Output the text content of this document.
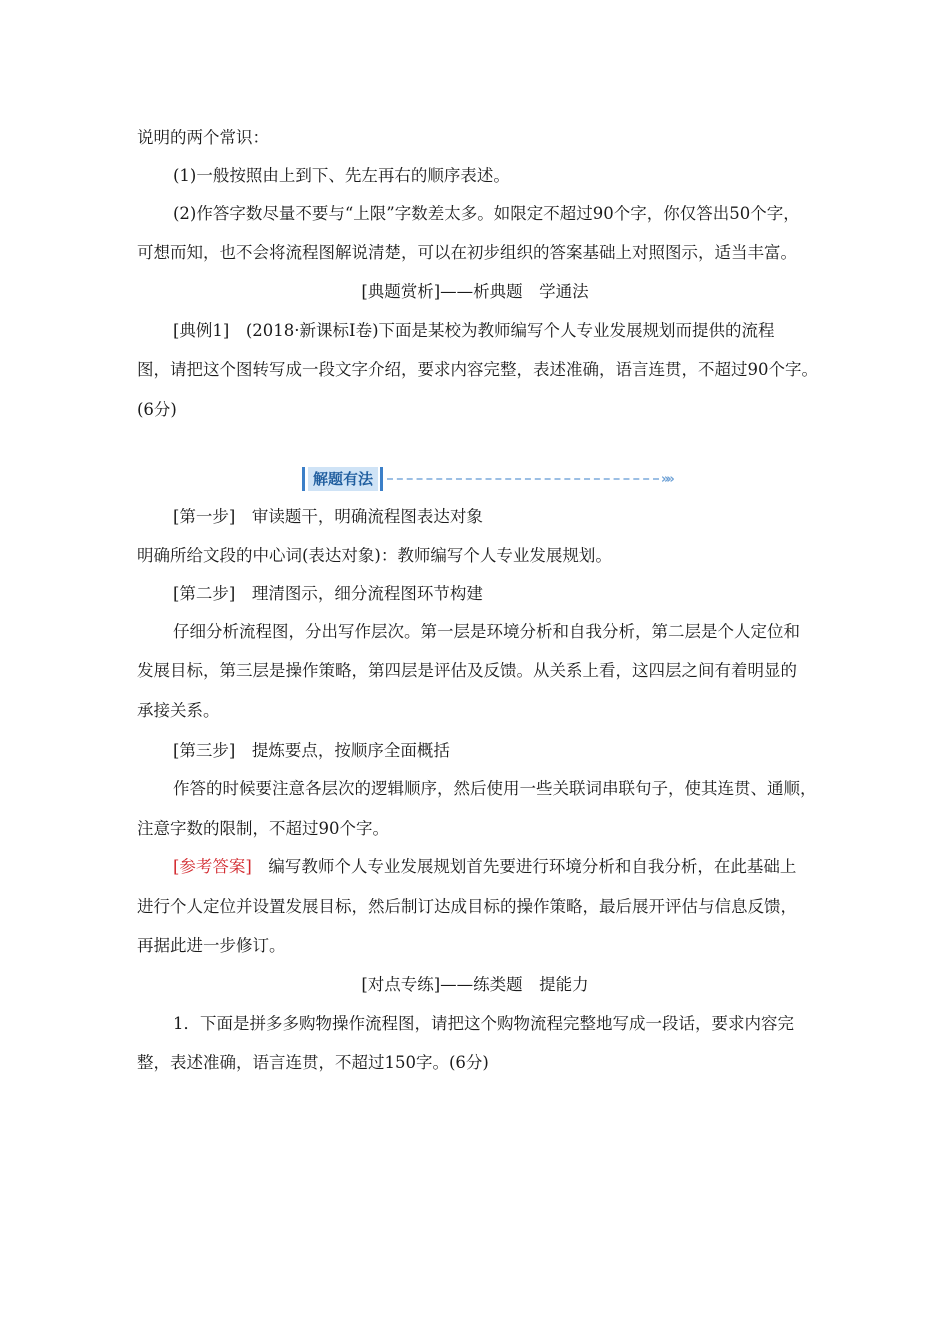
说明的两个常识：
(1)一般按照由上到下、先左再右的顺序表述。
(2)作答字数尽量不要与“上限”字数差太多。如限定不超过90个字，你仅答出50个字，
可想而知，也不会将流程图解说清楚，可以在初步组织的答案基础上对照图示，适当丰富。
[典题赏析]——析典题　学通法
[典例1]　(2018·新课标Ⅰ卷)下面是某校为教师编写个人专业发展规划而提供的流程
图，请把这个图转写成一段文字介绍，要求内容完整，表述准确，语言连贯，不超过90个字。
(6分)
解题有法	»»
[第一步]　审读题干，明确流程图表达对象
明确所给文段的中心词(表达对象)：教师编写个人专业发展规划。
[第二步]　理清图示，细分流程图环节构建
仔细分析流程图，分出写作层次。第一层是环境分析和自我分析，第二层是个人定位和
发展目标，第三层是操作策略，第四层是评估及反馈。从关系上看，这四层之间有着明显的
承接关系。
[第三步]　提炼要点，按顺序全面概括
作答的时候要注意各层次的逻辑顺序，然后使用一些关联词串联句子，使其连贯、通顺，
注意字数的限制，不超过90个字。
[参考答案]　编写教师个人专业发展规划首先要进行环境分析和自我分析，在此基础上
进行个人定位并设置发展目标，然后制订达成目标的操作策略，最后展开评估与信息反馈，
再据此进一步修订。
[对点专练]——练类题　提能力
1．下面是拼多多购物操作流程图，请把这个购物流程完整地写成一段话，要求内容完
整，表述准确，语言连贯，不超过150字。(6分)
